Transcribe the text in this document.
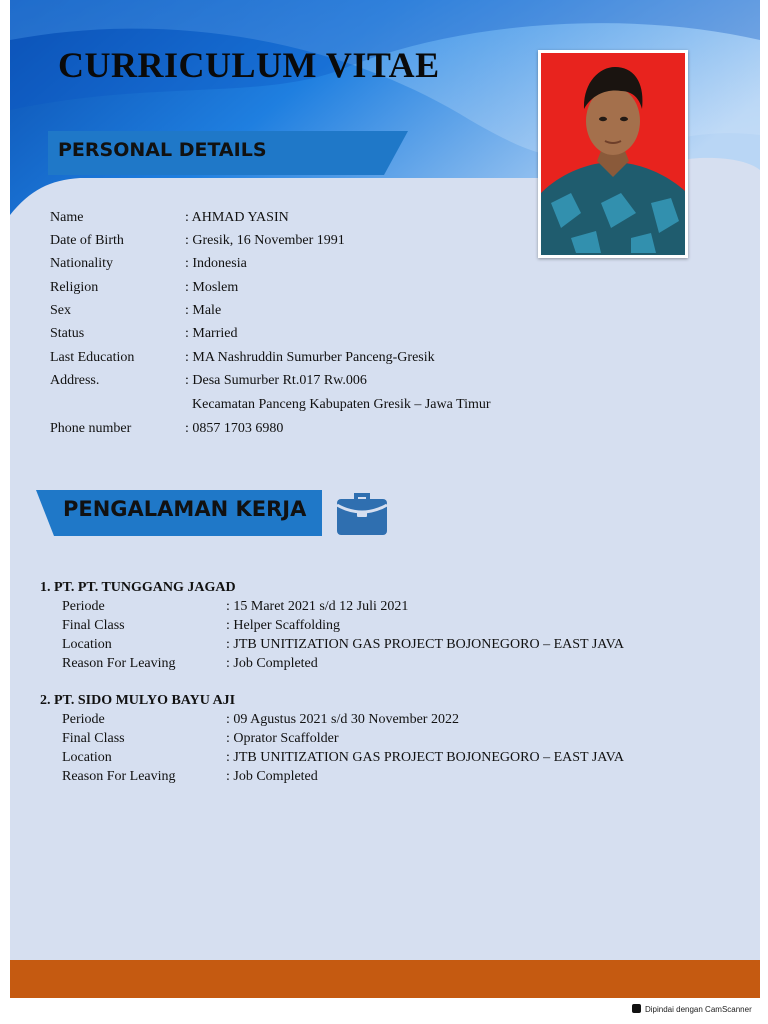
CURRICULUM VITAE
PERSONAL DETAILS
Name	: AHMAD YASIN
Date of Birth	: Gresik, 16 November 1991
Nationality	: Indonesia
Religion	: Moslem
Sex	: Male
Status	: Married
Last Education	: MA Nashruddin Sumurber Panceng-Gresik
Address.	: Desa Sumurber Rt.017 Rw.006
Kecamatan Panceng Kabupaten Gresik – Jawa Timur
Phone number	: 0857 1703 6980
PENGALAMAN KERJA
1. PT. PT. TUNGGANG JAGAD
Periode	: 15 Maret 2021 s/d 12 Juli 2021
Final Class	: Helper Scaffolding
Location	: JTB UNITIZATION GAS PROJECT BOJONEGORO – EAST JAVA
Reason For Leaving	: Job Completed
2. PT. SIDO MULYO BAYU AJI
Periode	: 09 Agustus 2021 s/d 30 November 2022
Final Class	: Oprator Scaffolder
Location	: JTB UNITIZATION GAS PROJECT BOJONEGORO – EAST JAVA
Reason For Leaving	: Job Completed
Dipindai dengan CamScanner
